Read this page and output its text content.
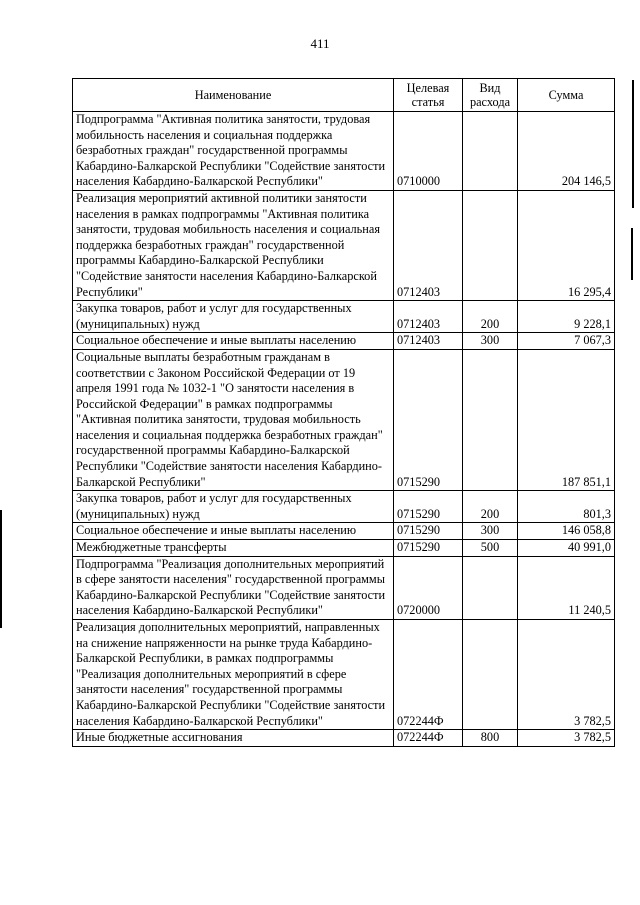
411
Наименование	Целевая статья	Вид расхода	Сумма
Подпрограмма "Активная политика занятости, трудовая мобильность населения и социальная поддержка безработных граждан" государственной программы Кабардино-Балкарской Республики "Содействие занятости населения Кабардино-Балкарской Республики"	0710000		204 146,5
Реализация мероприятий активной политики занятости населения в рамках подпрограммы "Активная политика занятости, трудовая мобильность населения и социальная поддержка безработных граждан" государственной программы Кабардино-Балкарской Республики "Содействие занятости населения Кабардино-Балкарской Республики"	0712403		16 295,4
Закупка товаров, работ и услуг для государственных (муниципальных) нужд	0712403	200	9 228,1
Социальное обеспечение и иные выплаты населению	0712403	300	7 067,3
Социальные выплаты безработным гражданам в соответствии с Законом Российской Федерации от 19 апреля 1991 года № 1032-1 "О занятости населения в Российской Федерации" в рамках подпрограммы "Активная политика занятости, трудовая мобильность населения и социальная поддержка безработных граждан" государственной программы Кабардино-Балкарской Республики "Содействие занятости населения Кабардино-Балкарской Республики"	0715290		187 851,1
Закупка товаров, работ и услуг для государственных (муниципальных) нужд	0715290	200	801,3
Социальное обеспечение и иные выплаты населению	0715290	300	146 058,8
Межбюджетные трансферты	0715290	500	40 991,0
Подпрограмма "Реализация дополнительных мероприятий в сфере занятости населения" государственной программы Кабардино-Балкарской Республики "Содействие занятости населения Кабардино-Балкарской Республики"	0720000		11 240,5
Реализация дополнительных мероприятий, направленных на снижение напряженности на рынке труда Кабардино-Балкарской Республики, в рамках подпрограммы "Реализация дополнительных мероприятий в сфере занятости населения" государственной программы Кабардино-Балкарской Республики "Содействие занятости населения Кабардино-Балкарской Республики"	072244Ф		3 782,5
Иные бюджетные ассигнования	072244Ф	800	3 782,5
